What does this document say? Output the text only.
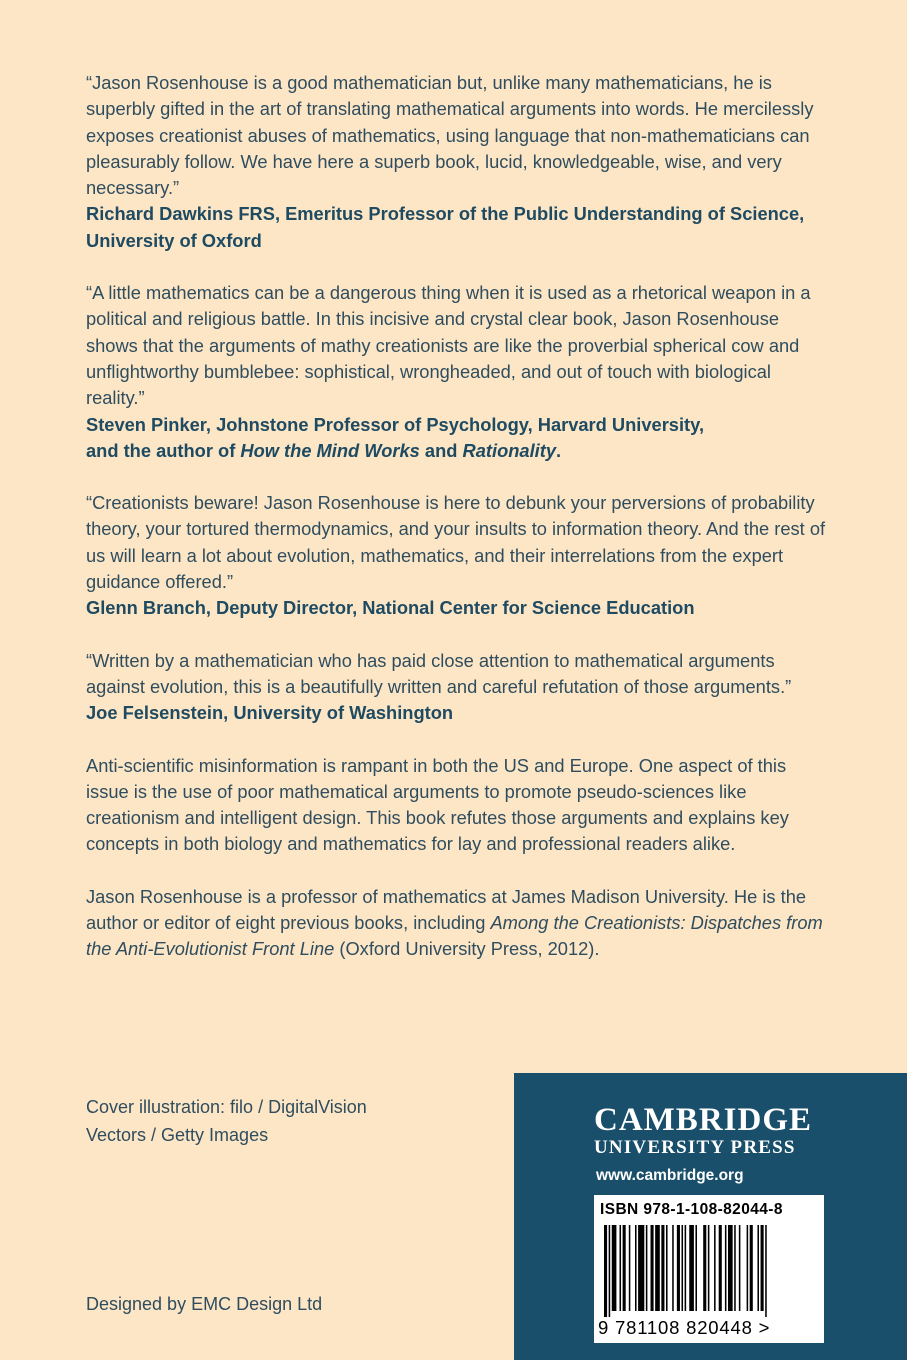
“Jason Rosenhouse is a good mathematician but, unlike many mathematicians, he is superbly gifted in the art of translating mathematical arguments into words. He mercilessly exposes creationist abuses of mathematics, using language that non-mathematicians can pleasurably follow. We have here a superb book, lucid, knowledgeable, wise, and very necessary.”

Richard Dawkins FRS, Emeritus Professor of the Public Understanding of Science, University of Oxford

“A little mathematics can be a dangerous thing when it is used as a rhetorical weapon in a political and religious battle. In this incisive and crystal clear book, Jason Rosenhouse shows that the arguments of mathy creationists are like the proverbial spherical cow and unflightworthy bumblebee: sophistical, wrongheaded, and out of touch with biological reality.”

Steven Pinker, Johnstone Professor of Psychology, Harvard University,
and the author of How the Mind Works and Rationality.

“Creationists beware! Jason Rosenhouse is here to debunk your perversions of probability theory, your tortured thermodynamics, and your insults to information theory. And the rest of us will learn a lot about evolution, mathematics, and their interrelations from the expert guidance offered.”

Glenn Branch, Deputy Director, National Center for Science Education

“Written by a mathematician who has paid close attention to mathematical arguments against evolution, this is a beautifully written and careful refutation of those arguments.”

Joe Felsenstein, University of Washington

Anti-scientific misinformation is rampant in both the US and Europe. One aspect of this issue is the use of poor mathematical arguments to promote pseudo-sciences like creationism and intelligent design. This book refutes those arguments and explains key concepts in both biology and mathematics for lay and professional readers alike.

Jason Rosenhouse is a professor of mathematics at James Madison University. He is the author or editor of eight previous books, including Among the Creationists: Dispatches from the Anti-Evolutionist Front Line (Oxford University Press, 2012).

Cover illustration: filo / DigitalVision
Vectors / Getty Images
Designed by EMC Design Ltd
CAMBRIDGE
UNIVERSITY PRESS
www.cambridge.org
ISBN 978-1-108-82044-8
9 781108 820448 >
